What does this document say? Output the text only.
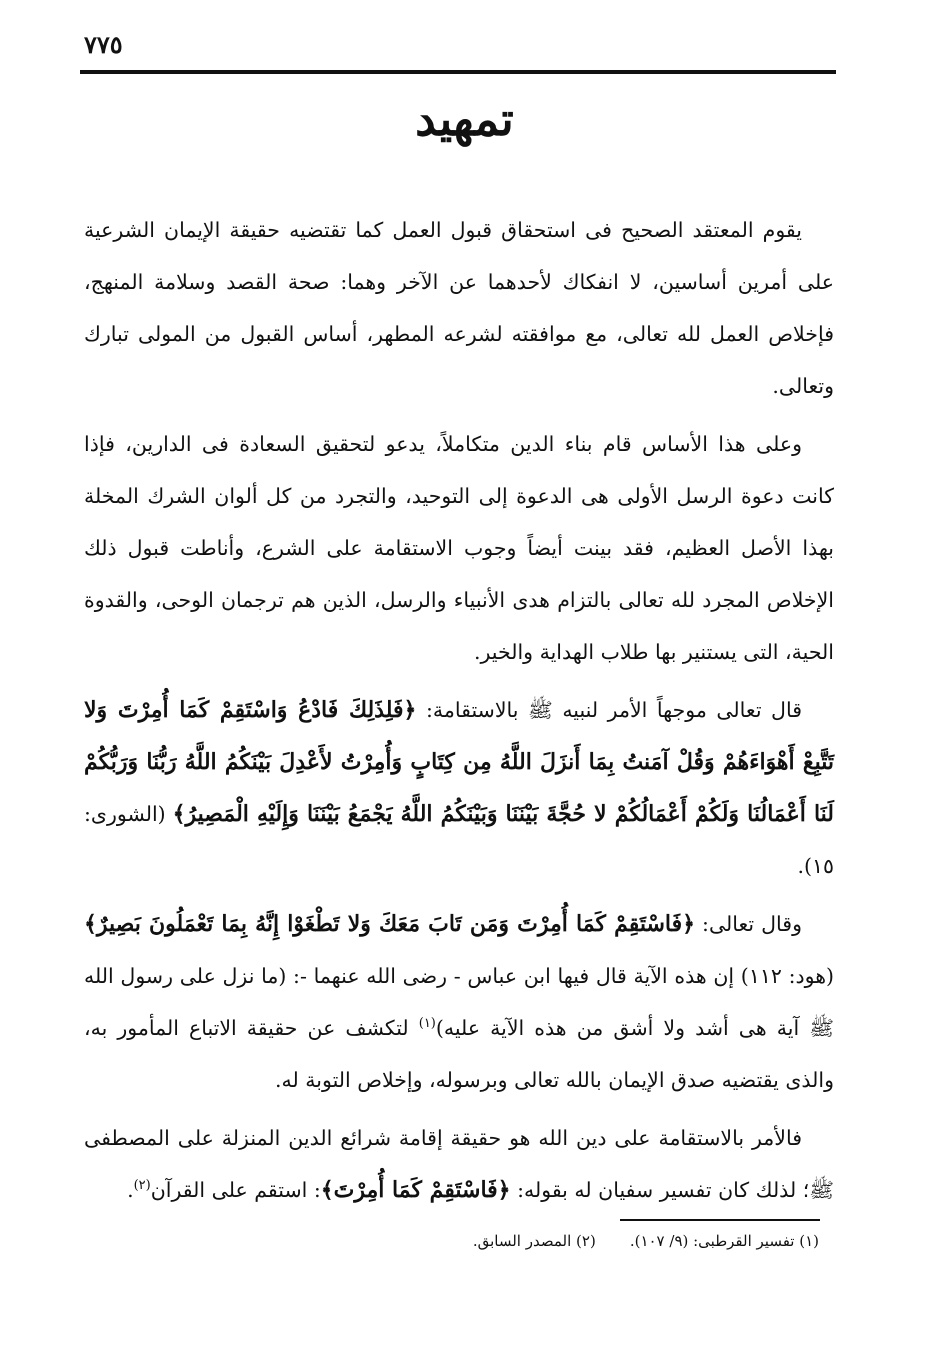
٧٧٥
تمهيد

يقوم المعتقد الصحيح فى استحقاق قبول العمل كما تقتضيه حقيقة الإيمان الشرعية على أمرين أساسين، لا انفكاك لأحدهما عن الآخر وهما: صحة القصد وسلامة المنهج، فإخلاص العمل لله تعالى، مع موافقته لشرعه المطهر، أساس القبول من المولى تبارك وتعالى.

وعلى هذا الأساس قام بناء الدين متكاملاً، يدعو لتحقيق السعادة فى الدارين، فإذا كانت دعوة الرسل الأولى هى الدعوة إلى التوحيد، والتجرد من كل ألوان الشرك المخلة بهذا الأصل العظيم، فقد بينت أيضاً وجوب الاستقامة على الشرع، وأناطت قبول ذلك الإخلاص المجرد لله تعالى بالتزام هدى الأنبياء والرسل، الذين هم ترجمان الوحى، والقدوة الحية، التى يستنير بها طلاب الهداية والخير.

قال تعالى موجهاً الأمر لنبيه ﷺ بالاستقامة: ﴿فَلِذَلِكَ فَادْعُ وَاسْتَقِمْ كَمَا أُمِرْتَ وَلا تَتَّبِعْ أَهْوَاءَهُمْ وَقُلْ آمَنتُ بِمَا أَنزَلَ اللَّهُ مِن كِتَابٍ وَأُمِرْتُ لأَعْدِلَ بَيْنَكُمُ اللَّهُ رَبُّنَا وَرَبُّكُمْ لَنَا أَعْمَالُنَا وَلَكُمْ أَعْمَالُكُمْ لا حُجَّةَ بَيْنَنَا وَبَيْنَكُمُ اللَّهُ يَجْمَعُ بَيْنَنَا وَإِلَيْهِ الْمَصِيرُ﴾ (الشورى: ١٥).

وقال تعالى: ﴿فَاسْتَقِمْ كَمَا أُمِرْتَ وَمَن تَابَ مَعَكَ وَلا تَطْغَوْا إِنَّهُ بِمَا تَعْمَلُونَ بَصِيرٌ﴾ (هود: ١١٢) إن هذه الآية قال فيها ابن عباس - رضى الله عنهما -: (ما نزل على رسول الله ﷺ آية هى أشد ولا أشق من هذه الآية عليه)$^{(١)}$ لتكشف عن حقيقة الاتباع المأمور به، والذى يقتضيه صدق الإيمان بالله تعالى وبرسوله، وإخلاص التوبة له.

فالأمر بالاستقامة على دين الله هو حقيقة إقامة شرائع الدين المنزلة على المصطفى ﷺ؛ لذلك كان تفسير سفيان له بقوله: ﴿فَاسْتَقِمْ كَمَا أُمِرْتَ﴾: استقم على القرآن$^{(٢)}$.

(١) تفسير القرطبى: (٩/ ١٠٧).(٢) المصدر السابق.
